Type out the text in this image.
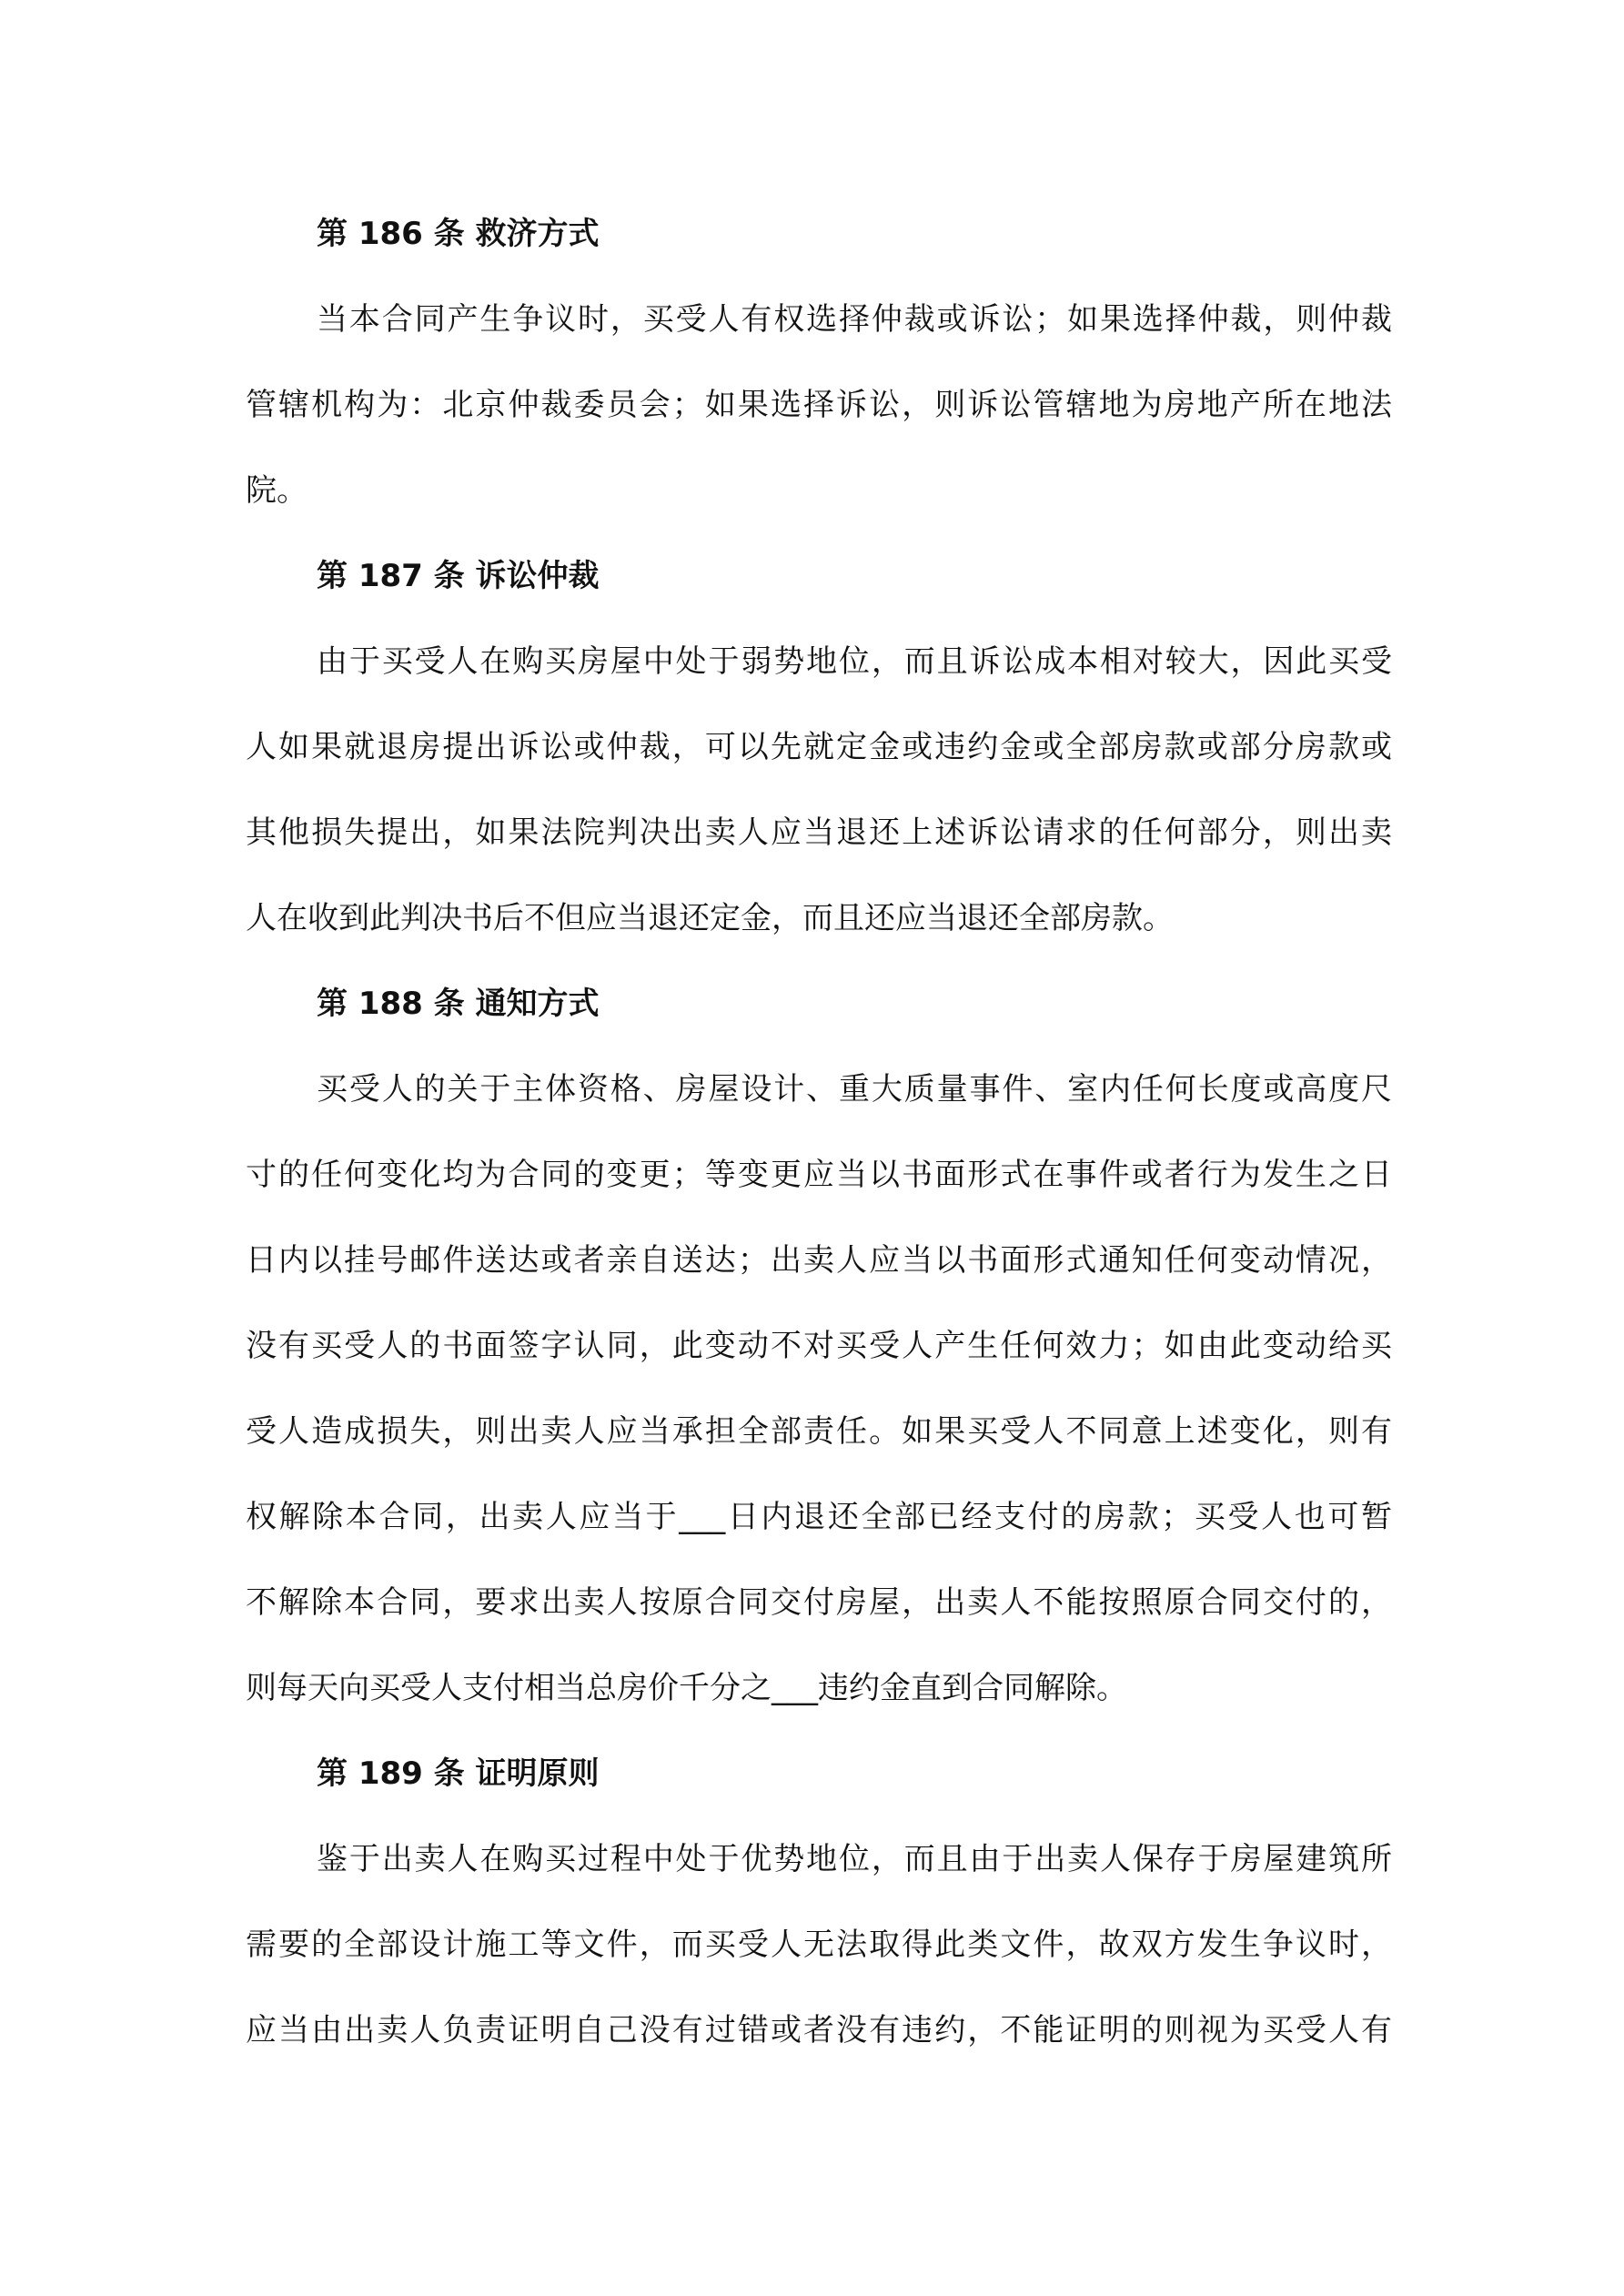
第 186 条 救济方式
当本合同产生争议时，买受人有权选择仲裁或诉讼；如果选择仲裁，则仲裁
管辖机构为：北京仲裁委员会；如果选择诉讼，则诉讼管辖地为房地产所在地法
院。
第 187 条 诉讼仲裁
由于买受人在购买房屋中处于弱势地位，而且诉讼成本相对较大，因此买受
人如果就退房提出诉讼或仲裁，可以先就定金或违约金或全部房款或部分房款或
其他损失提出，如果法院判决出卖人应当退还上述诉讼请求的任何部分，则出卖
人在收到此判决书后不但应当退还定金，而且还应当退还全部房款。
第 188 条 通知方式
买受人的关于主体资格、房屋设计、重大质量事件、室内任何长度或高度尺
寸的任何变化均为合同的变更；等变更应当以书面形式在事件或者行为发生之日
日内以挂号邮件送达或者亲自送达；出卖人应当以书面形式通知任何变动情况，
没有买受人的书面签字认同，此变动不对买受人产生任何效力；如由此变动给买
受人造成损失，则出卖人应当承担全部责任。如果买受人不同意上述变化，则有
权解除本合同，出卖人应当于___日内退还全部已经支付的房款；买受人也可暂
不解除本合同，要求出卖人按原合同交付房屋，出卖人不能按照原合同交付的，
则每天向买受人支付相当总房价千分之___违约金直到合同解除。
第 189 条 证明原则
鉴于出卖人在购买过程中处于优势地位，而且由于出卖人保存于房屋建筑所
需要的全部设计施工等文件，而买受人无法取得此类文件，故双方发生争议时，
应当由出卖人负责证明自己没有过错或者没有违约，不能证明的则视为买受人有
